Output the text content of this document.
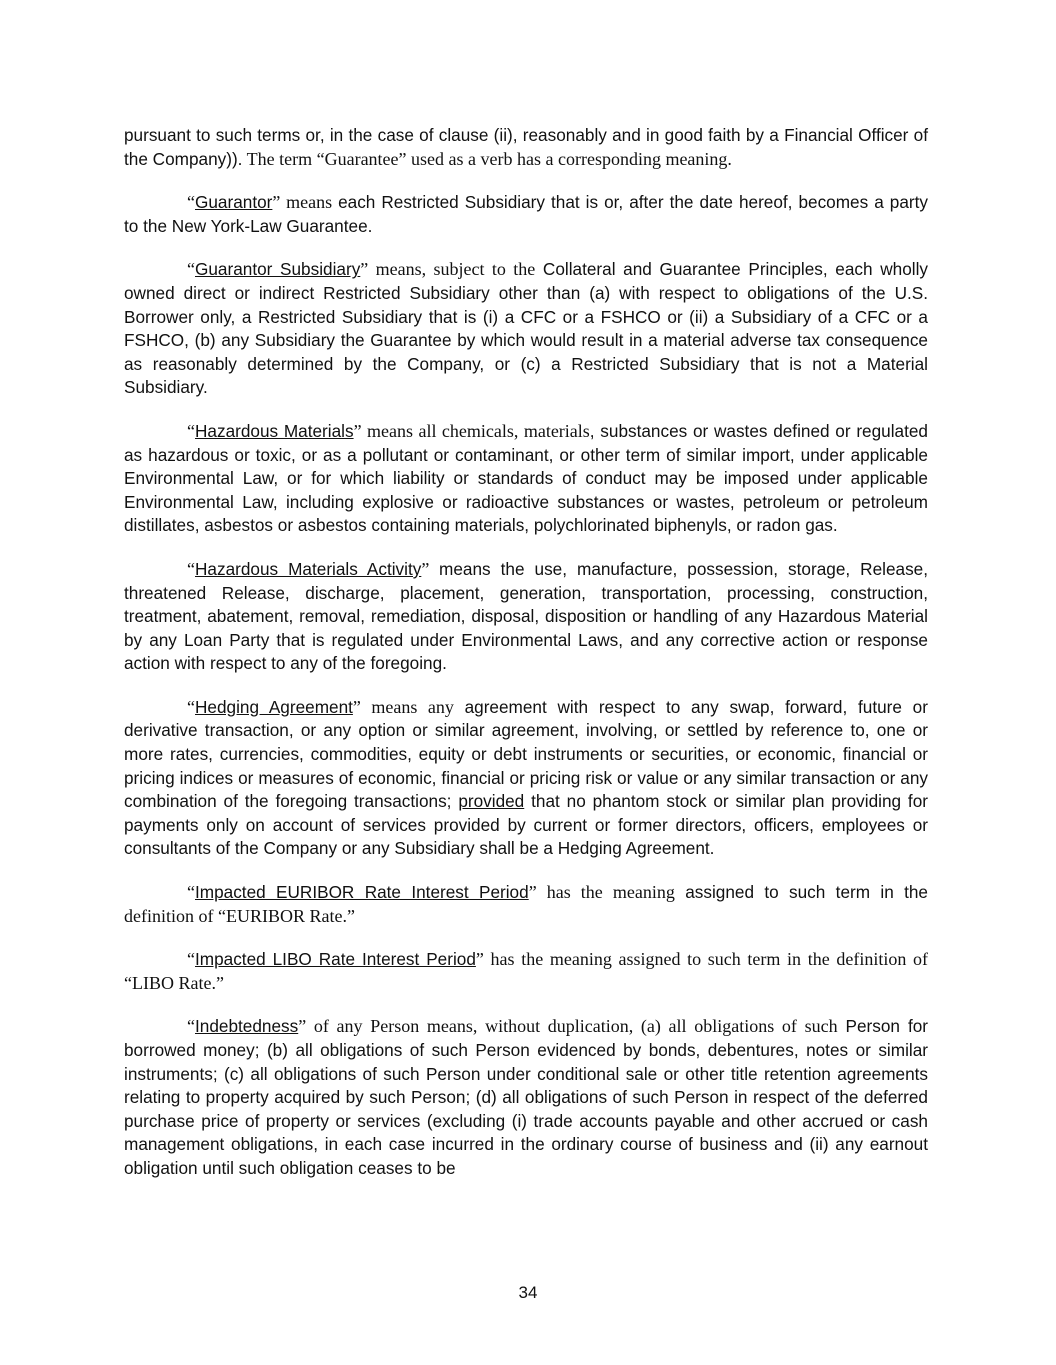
pursuant to such terms or, in the case of clause (ii), reasonably and in good faith by a Financial Officer of the Company)). The term “Guarantee” used as a verb has a corresponding meaning.

“Guarantor” means each Restricted Subsidiary that is or, after the date hereof, becomes a party to the New York-Law Guarantee.

“Guarantor Subsidiary” means, subject to the Collateral and Guarantee Principles, each wholly owned direct or indirect Restricted Subsidiary other than (a) with respect to obligations of the U.S. Borrower only, a Restricted Subsidiary that is (i) a CFC or a FSHCO or (ii) a Subsidiary of a CFC or a FSHCO, (b) any Subsidiary the Guarantee by which would result in a material adverse tax consequence as reasonably determined by the Company, or (c) a Restricted Subsidiary that is not a Material Subsidiary.

“Hazardous Materials” means all chemicals, materials, substances or wastes defined or regulated as hazardous or toxic, or as a pollutant or contaminant, or other term of similar import, under applicable Environmental Law, or for which liability or standards of conduct may be imposed under applicable Environmental Law, including explosive or radioactive substances or wastes, petroleum or petroleum distillates, asbestos or asbestos containing materials, polychlorinated biphenyls, or radon gas.

“Hazardous Materials Activity” means the use, manufacture, possession, storage, Release, threatened Release, discharge, placement, generation, transportation, processing, construction, treatment, abatement, removal, remediation, disposal, disposition or handling of any Hazardous Material by any Loan Party that is regulated under Environmental Laws, and any corrective action or response action with respect to any of the foregoing.

“Hedging Agreement” means any agreement with respect to any swap, forward, future or derivative transaction, or any option or similar agreement, involving, or settled by reference to, one or more rates, currencies, commodities, equity or debt instruments or securities, or economic, financial or pricing indices or measures of economic, financial or pricing risk or value or any similar transaction or any combination of the foregoing transactions; provided that no phantom stock or similar plan providing for payments only on account of services provided by current or former directors, officers, employees or consultants of the Company or any Subsidiary shall be a Hedging Agreement.

“Impacted EURIBOR Rate Interest Period” has the meaning assigned to such term in the definition of “EURIBOR Rate.”

“Impacted LIBO Rate Interest Period” has the meaning assigned to such term in the definition of “LIBO Rate.”

“Indebtedness” of any Person means, without duplication, (a) all obligations of such Person for borrowed money; (b) all obligations of such Person evidenced by bonds, debentures, notes or similar instruments; (c) all obligations of such Person under conditional sale or other title retention agreements relating to property acquired by such Person; (d) all obligations of such Person in respect of the deferred purchase price of property or services (excluding (i) trade accounts payable and other accrued or cash management obligations, in each case incurred in the ordinary course of business and (ii) any earnout obligation until such obligation ceases to be

34
